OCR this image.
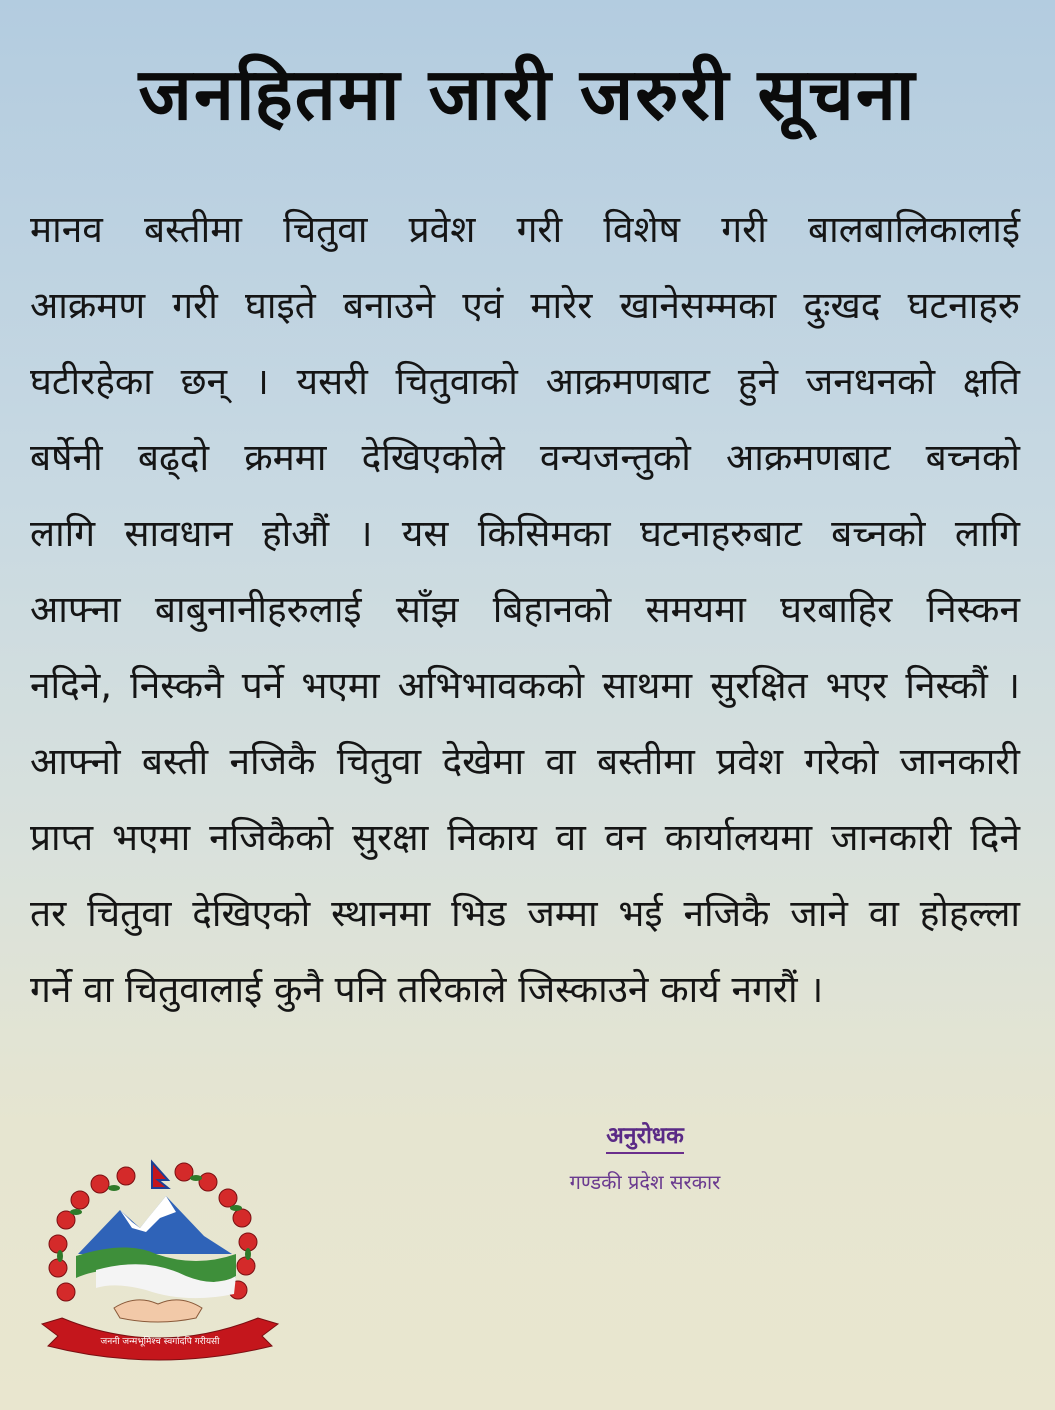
जनहितमा जारी जरुरी सूचना
मानव बस्तीमा चितुवा प्रवेश गरी विशेष गरी बालबालिकालाई
आक्रमण गरी घाइते बनाउने एवं मारेर खानेसम्मका दुःखद घटनाहरु
घटीरहेका छन् । यसरी चितुवाको आक्रमणबाट हुने जनधनको क्षति
बर्षेनी बढ्दो क्रममा देखिएकोले वन्यजन्तुको आक्रमणबाट बच्नको
लागि सावधान होऔं । यस किसिमका घटनाहरुबाट बच्नको लागि
आफ्ना बाबुनानीहरुलाई साँझ बिहानको समयमा घरबाहिर निस्कन
नदिने, निस्कनै पर्ने भएमा अभिभावकको साथमा सुरक्षित भएर निस्कौं ।
आफ्नो बस्ती नजिकै चितुवा देखेमा वा बस्तीमा प्रवेश गरेको जानकारी
प्राप्त भएमा नजिकैको सुरक्षा निकाय वा वन कार्यालयमा जानकारी दिने
तर चितुवा देखिएको स्थानमा भिड जम्मा भई नजिकै जाने वा होहल्ला
गर्ने वा चितुवालाई कुनै पनि तरिकाले जिस्काउने कार्य नगरौं ।
अनुरोधक
गण्डकी प्रदेश सरकार
जननी जन्मभूमिश्च स्वर्गादपि गरीयसी
